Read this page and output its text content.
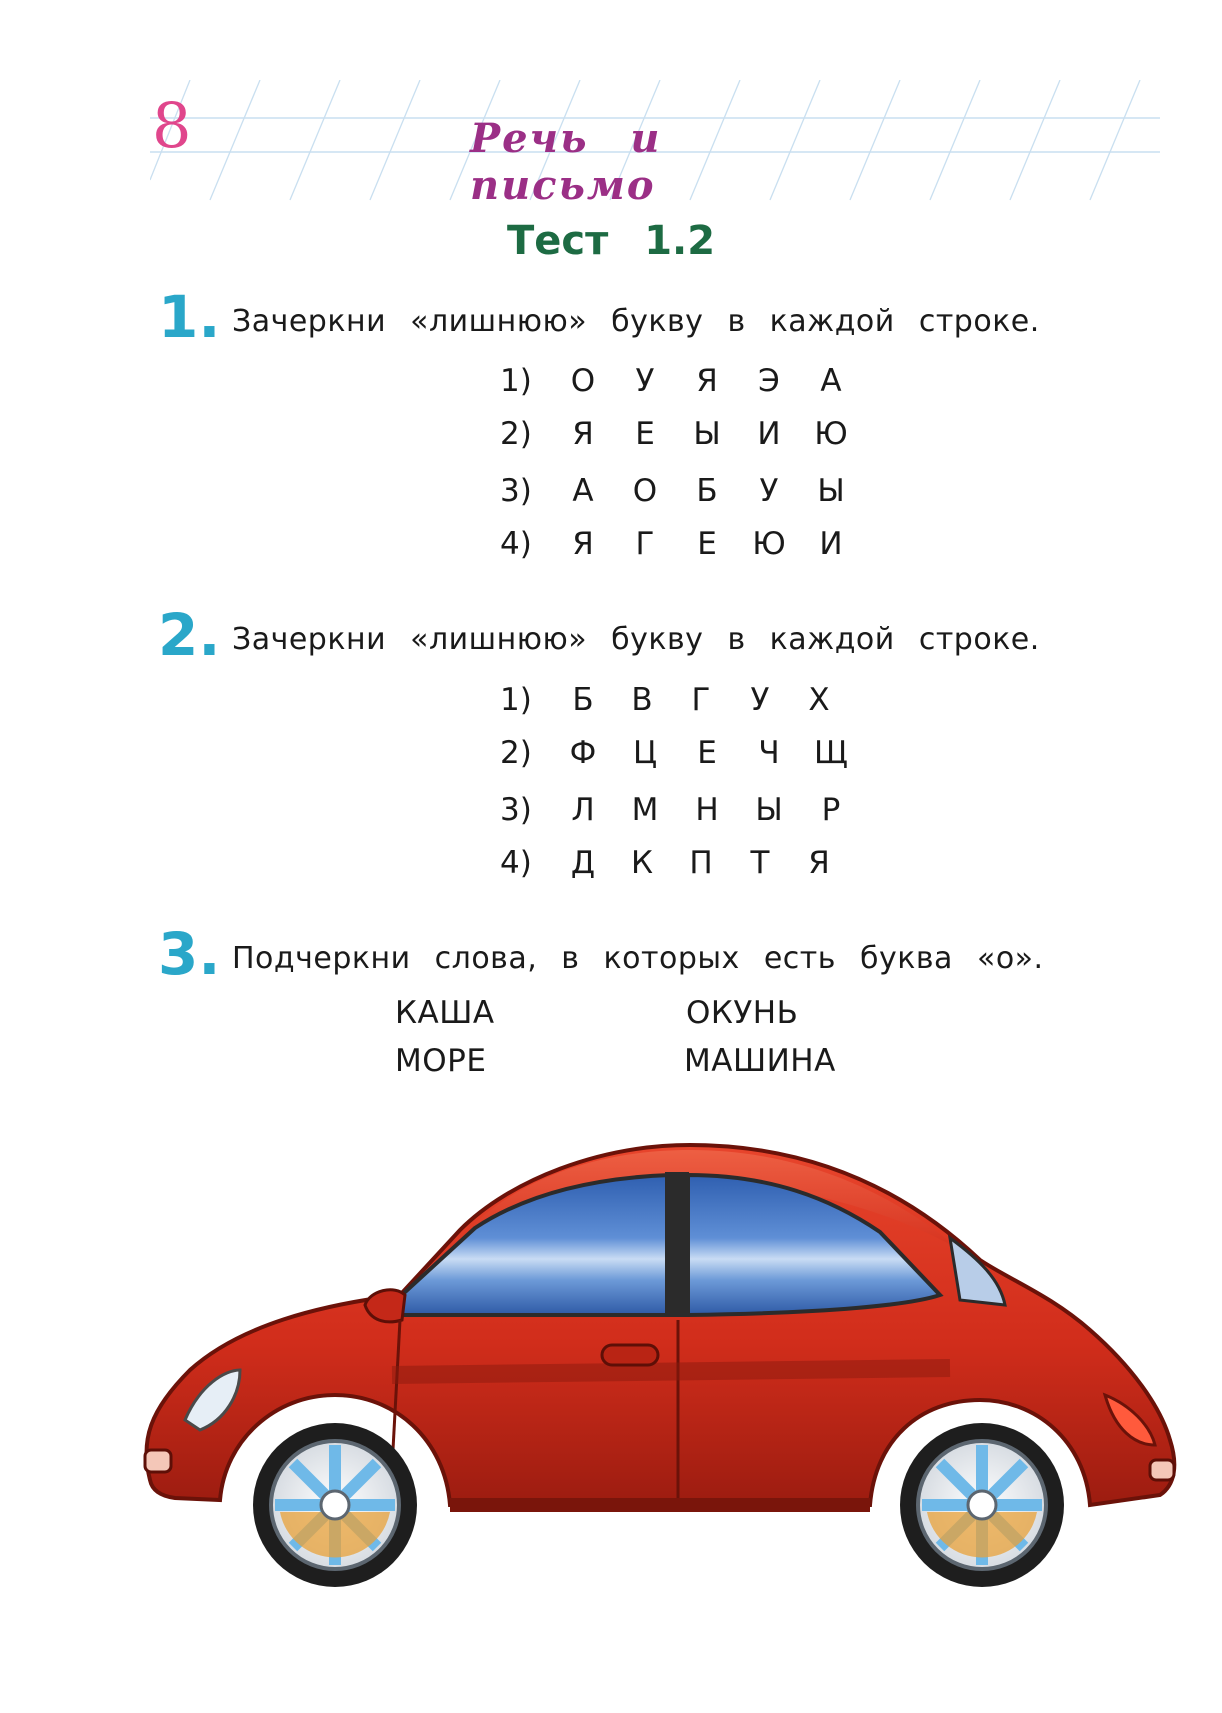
8	Речь и письмо
Тест 1.2
1. Зачеркни «лишнюю» букву в каждой строке.
1) О	У	Я Э	А
2) Я	Е	Ы И Ю
3)	А	О	Б	У	Ы
4) Я	Г	Е	Ю И
2. Зачеркни «лишнюю» букву в каждой строке.
1)	Б	В	Г	У	Х
2) Ф Ц	Е	Ч	Щ
3) Л М Н Ы	Р
4) Д К П	Т	Я
3. Подчеркни слова, в которых есть буква «о».
КАША	ОКУНЬ
МОРЕ	МАШИНА
